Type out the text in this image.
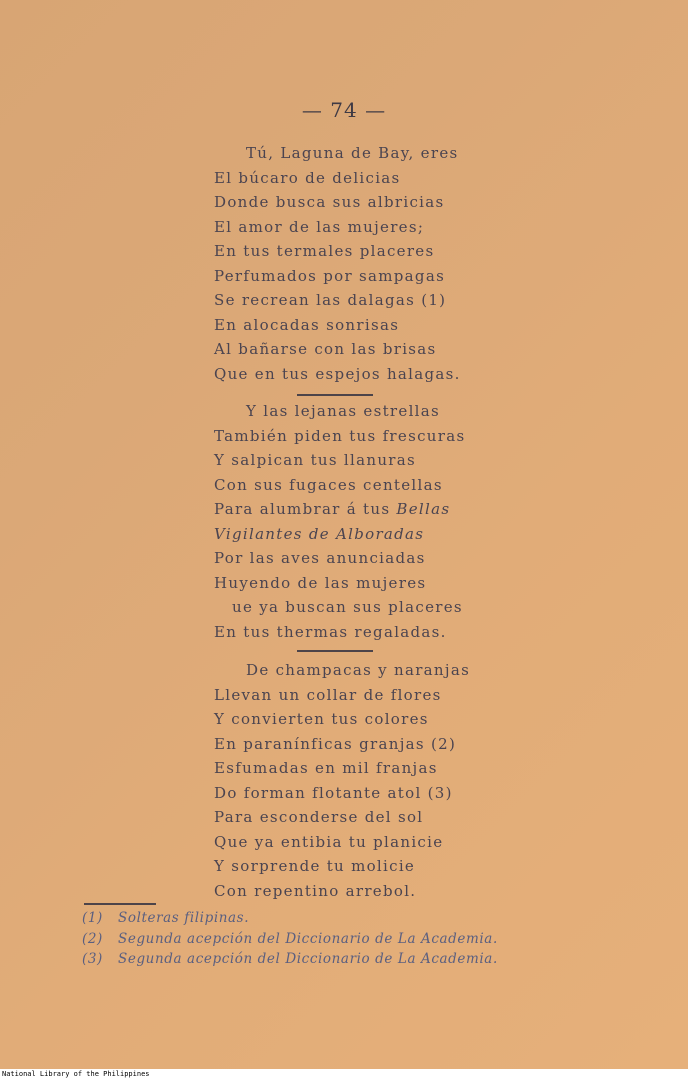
— 74 —
Tú, Laguna de Bay, eres
El búcaro de delicias
Donde busca sus albricias
El amor de las mujeres;
En tus termales placeres
Perfumados por sampagas
Se recrean las dalagas (1)
En alocadas sonrisas
Al bañarse con las brisas
Que en tus espejos halagas.
Y las lejanas estrellas
También piden tus frescuras
Y salpican tus llanuras
Con sus fugaces centellas
Para alumbrar á tus Bellas
Vigilantes de Alboradas
Por las aves anunciadas
Huyendo de las mujeres
ue ya buscan sus placeres
En tus thermas regaladas.
De champacas y naranjas
Llevan un collar de flores
Y convierten tus colores
En paranínficas granjas (2)
Esfumadas en mil franjas
Do forman flotante atol (3)
Para esconderse del sol
Que ya entibia tu planicie
Y sorprende tu molicie
Con repentino arrebol.
(1) Solteras filipinas.
(2) Segunda acepción del Diccionario de La Academia.
(3) Segunda acepción del Diccionario de La Academia.
National Library of the Philippines
